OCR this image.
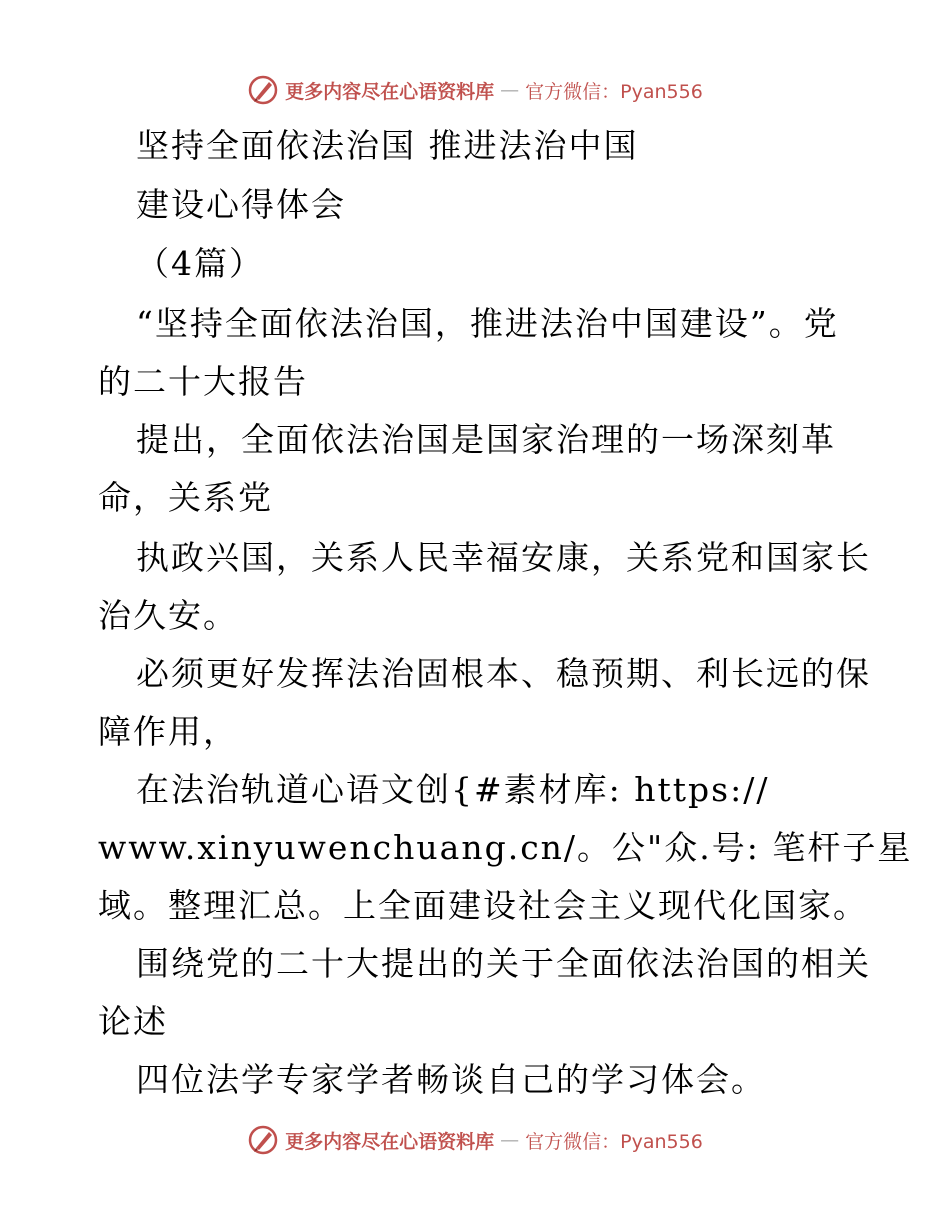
更多内容尽在心语资料库 — 官方微信：Pyan556
坚持全面依法治国 推进法治中国
建设心得体会
（4篇）
“坚持全面依法治国，推进法治中国建设”。党
的二十大报告
提出，全面依法治国是国家治理的一场深刻革
命，关系党
执政兴国，关系人民幸福安康，关系党和国家长
治久安。
必须更好发挥法治固根本、稳预期、利长远的保
障作用，
在法治轨道心语文创{#素材库: https://
www.xinyuwenchuang.cn/。公"众.号: 笔杆子星
域。整理汇总。上全面建设社会主义现代化国家。
围绕党的二十大提出的关于全面依法治国的相关
论述
四位法学专家学者畅谈自己的学习体会。
更多内容尽在心语资料库 — 官方微信：Pyan556
